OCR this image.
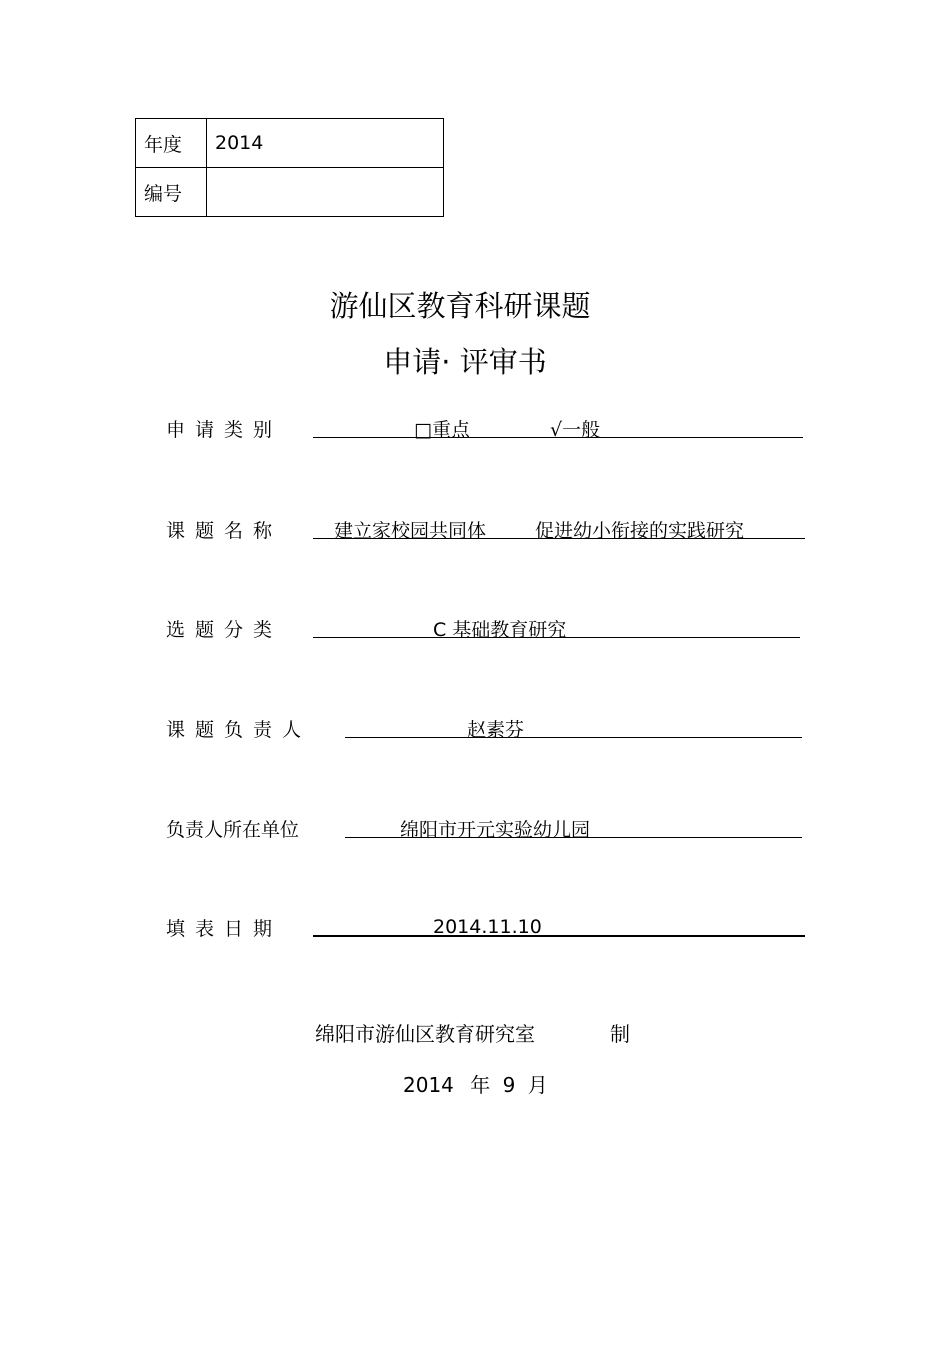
年度	2014
编号	
游仙区教育科研课题
申请· 评审书
申请类别	□重点	√一般
课题名称	建立家校园共同体	促进幼小衔接的实践研究
选题分类	C 基础教育研究
课题负责人	赵素芬
负责人所在单位	绵阳市开元实验幼儿园
填表日期	2014.11.10
绵阳市游仙区教育研究室	制
2014 年 9 月
